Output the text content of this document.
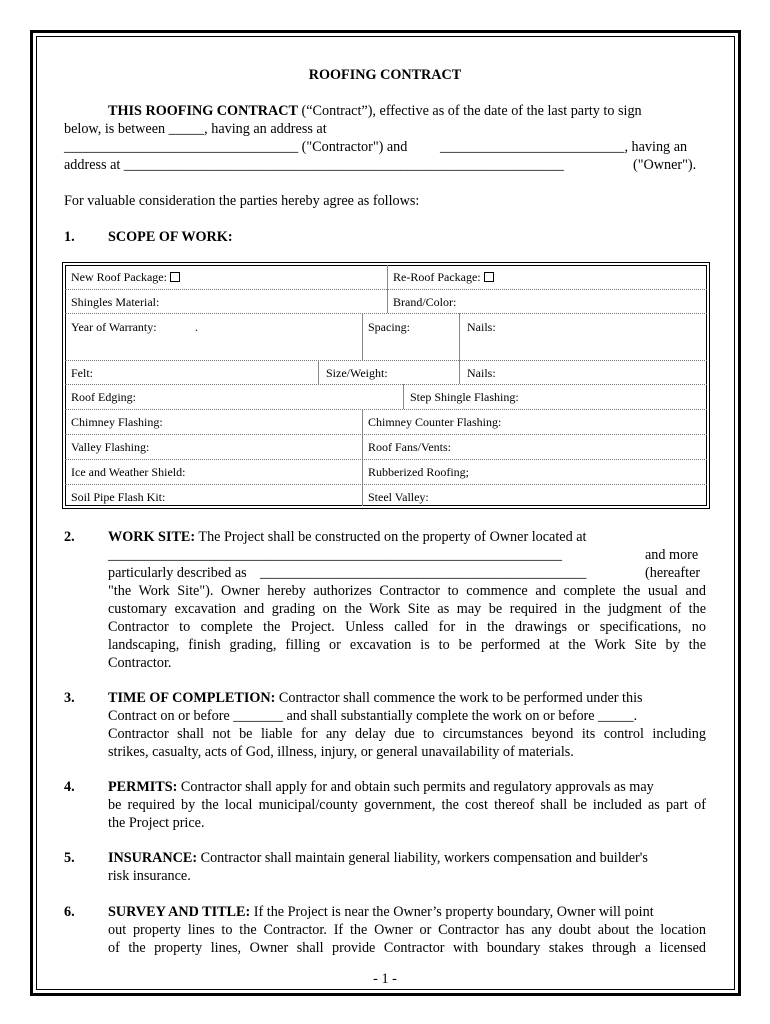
ROOFING CONTRACT
THIS ROOFING CONTRACT (“Contract”), effective as of the date of the last party to sign
below, is between _____, having an address at
_________________________________ ("Contractor") and __________________________, having an
address at ______________________________________________________________	("Owner").
For valuable consideration the parties hereby agree as follows:
1. SCOPE OF WORK:
New Roof Package:	Re-Roof Package:
Shingles Material:	Brand/Color:
Year of Warranty:	.	Spacing:	Nails:
Felt:	Size/Weight:	Nails:
Roof Edging:	Step Shingle Flashing:
Chimney Flashing:	Chimney Counter Flashing:
Valley Flashing:	Roof Fans/Vents:
Ice and Weather Shield:	Rubberized Roofing;
Soil Pipe Flash Kit:	Steel Valley:
2. WORK SITE: The Project shall be constructed on the property of Owner located at
________________________________________________________________	and more
particularly described as ______________________________________________	(hereafter
"the Work Site"). Owner hereby authorizes Contractor to commence and complete the usual and
customary excavation and grading on the Work Site as may be required in the judgment of the
Contractor to complete the Project. Unless called for in the drawings or specifications, no
landscaping, finish grading, filling or excavation is to be performed at the Work Site by the
Contractor.
3. TIME OF COMPLETION: Contractor shall commence the work to be performed under this
Contract on or before _______ and shall substantially complete the work on or before _____.
Contractor shall not be liable for any delay due to circumstances beyond its control including
strikes, casualty, acts of God, illness, injury, or general unavailability of materials.
4. PERMITS: Contractor shall apply for and obtain such permits and regulatory approvals as may
be required by the local municipal/county government, the cost thereof shall be included as part of
the Project price.
5. INSURANCE: Contractor shall maintain general liability, workers compensation and builder's
risk insurance.
6. SURVEY AND TITLE: If the Project is near the Owner’s property boundary, Owner will point
out property lines to the Contractor. If the Owner or Contractor has any doubt about the location
of the property lines, Owner shall provide Contractor with boundary stakes through a licensed
- 1 -
